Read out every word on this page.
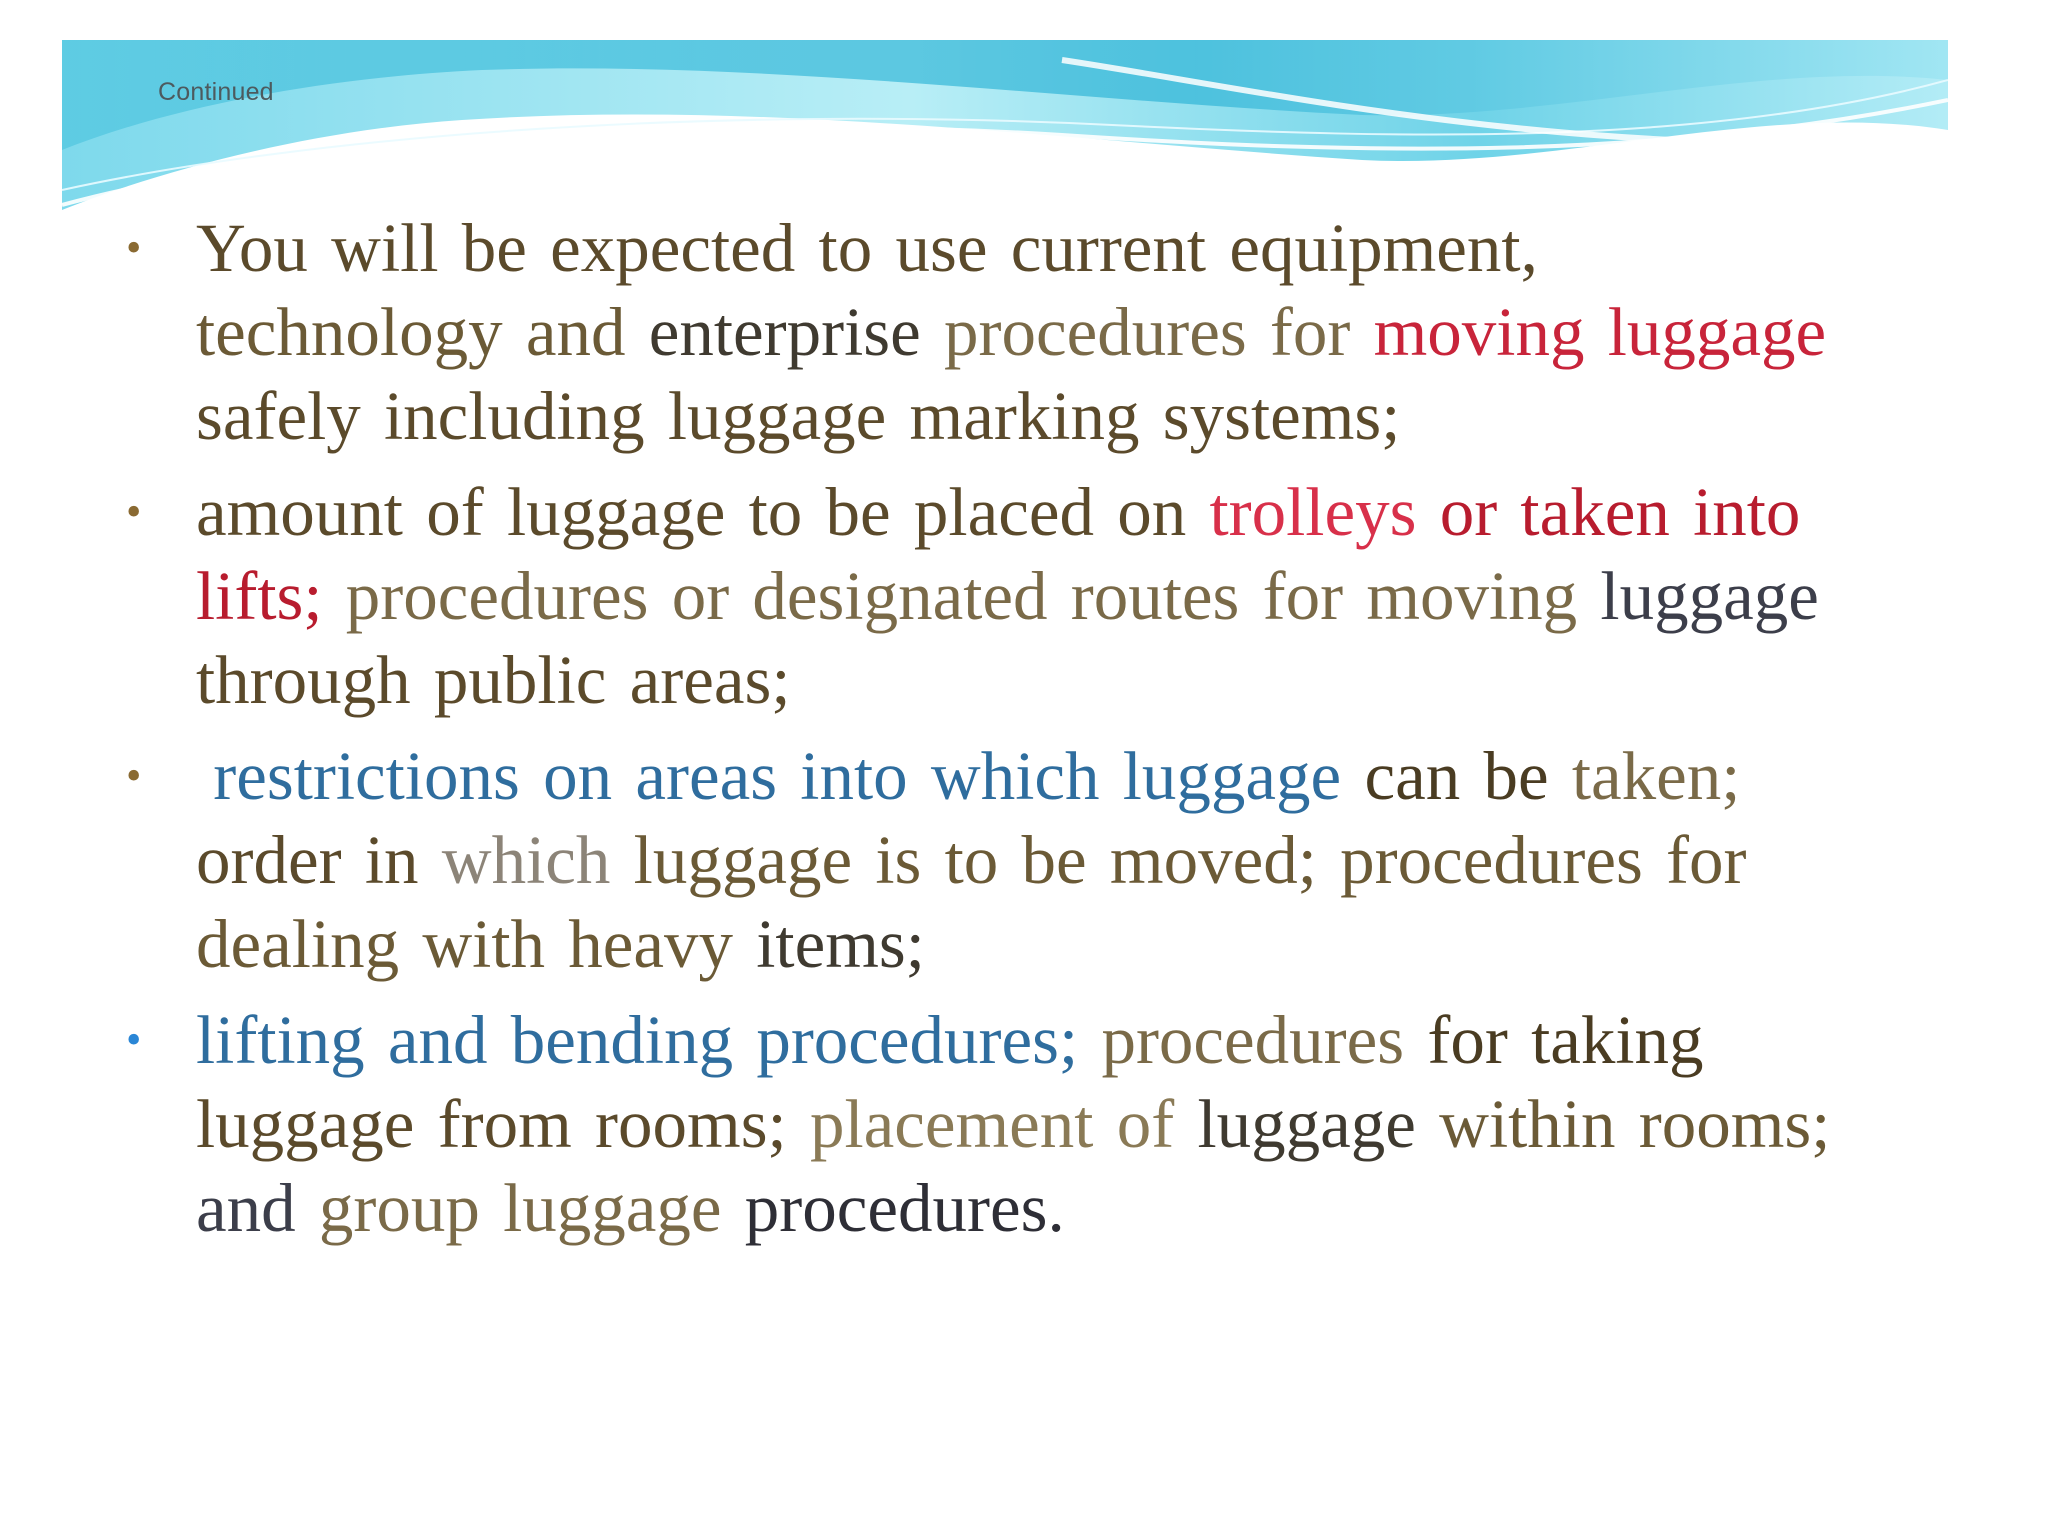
Continued
• You will be expected to use current equipment,
technology and enterprise procedures for moving luggage
safely including luggage marking systems;
• amount of luggage to be placed on trolleys or taken into
lifts; procedures or designated routes for moving luggage
through public areas;
• restrictions on areas into which luggage can be taken;
order in which luggage is to be moved; procedures for
dealing with heavy items;
• lifting and bending procedures; procedures for taking
luggage from rooms; placement of luggage within rooms;
and group luggage procedures.
